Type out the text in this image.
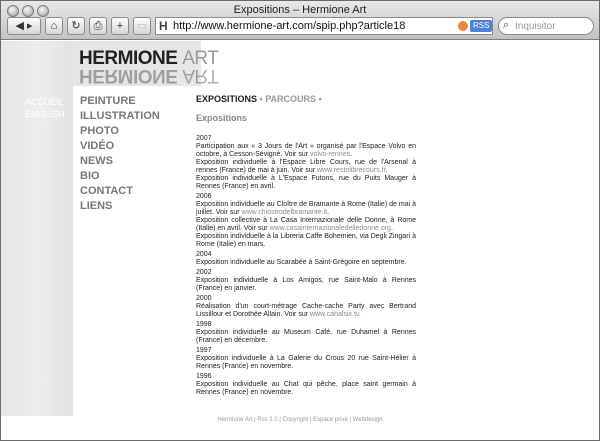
Expositions – Hermione Art
◀ ▸	⌂	↻	⎙	+	▭ H http://www.hermione-art.com/spip.php?article18	RSS ⌕
Inquisitor
HERMIONE ART
HERMIONE ART
ACCUEIL
ENGLISH
PEINTURE
ILLUSTRATION
PHOTO
VIDÉO
NEWS
BIO
CONTACT
LIENS
EXPOSITIONS • PARCOURS •
Expositions
2007
Participation aux « 3 Jours de l'Art » organisé par l'Espace Volvo en octobre, à Cesson-Sévigné. Voir sur volvo-rennes.
Exposition individuelle à l'Espace Libre Cours, rue de l'Arsenal à rennes (France) de mai à juin. Voir sur www.restolibrecours.fr.
Exposition individuelle à L'Espace Futons, rue du Puits Mauger à Rennes (France) en avril.
2006
Exposition individuelle au Cloître de Bramante à Rome (Italie) de mai à juillet. Voir sur www.chiostrodelbramante.it.
Exposition collective à La Casa Internazionale delle Donne, à Rome (Italie) en avril. Voir sur www.casainternazionaledelledonne.org.
Exposition individuelle à la Libreria Caffe Bohemien, via Degli Zingari à Rome (Italie) en mars.
2004
Exposition individuelle au Scarabée à Saint-Grégoire en septembre.
2002
Exposition individuelle à Los Amigos, rue Saint-Malo à Rennes (France) en janvier.
2000
Réalisation d'un court-métrage Cache-cache Party avec Bertrand Lissillour et Dorothée Allain. Voir sur www.canalsix.tv.
1998
Exposition individuelle au Museum Café, rue Duhamel à Rennes (France) en décembre.
1997
Exposition individuelle à La Galerie du Crous 20 rue Saint-Hélier à Rennes (France) en novembre.
1996
Exposition individuelle au Chat qui pêche, place saint germain à Rennes (France) en novembre.
Hermione Art | Rss 2.0 | Copyright | Espace privé | Webdesign
